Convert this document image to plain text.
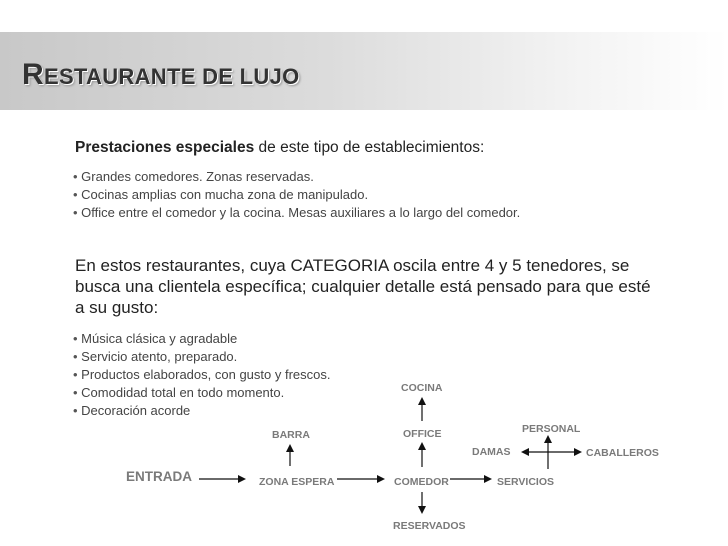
RESTAURANTE DE LUJO

Prestaciones especiales de este tipo de establecimientos:

• Grandes comedores. Zonas reservadas.
• Cocinas amplias con mucha zona de manipulado.
• Office entre el comedor y la cocina. Mesas auxiliares a lo largo del comedor.

En estos restaurantes, cuya CATEGORIA oscila entre 4 y 5 tenedores, se busca una clientela específica; cualquier detalle está pensado para que esté a su gusto:

• Música clásica y agradable
• Servicio atento, preparado.
• Productos elaborados, con gusto y frescos.
• Comodidad total en todo momento.
• Decoración acorde
ENTRADA	ZONA ESPERA
BARRA
COMEDOR
OFFICE
COCINA
RESERVADOS
SERVICIOS
DAMAS	CABALLEROS
PERSONAL
